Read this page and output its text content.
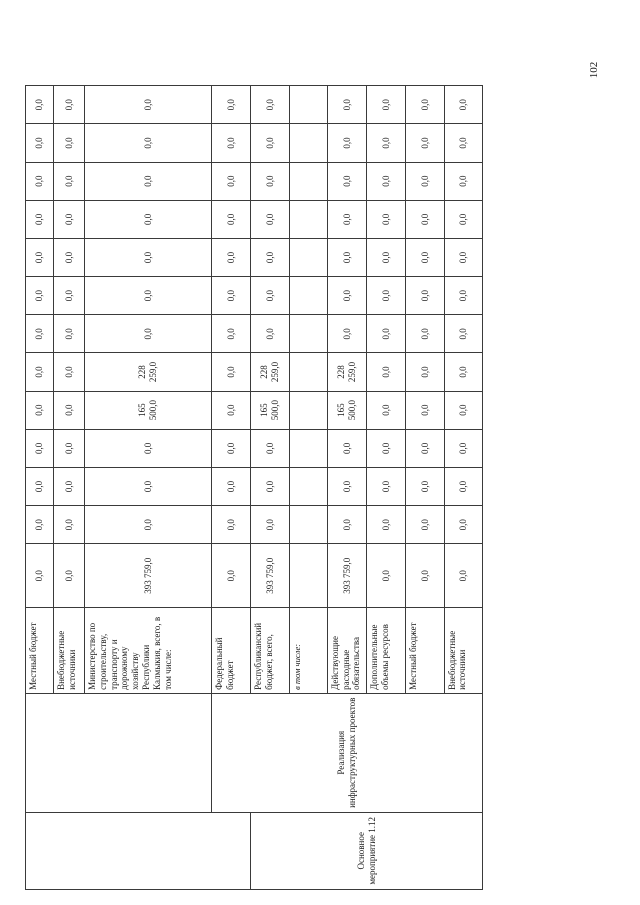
102
		Местный бюджет	0,0	0,0	0,0	0,0	0,0	0,0	0,0	0,0	0,0	0,0	0,0	0,0	0,0
		Внебюджетные источники	0,0	0,0	0,0	0,0	0,0	0,0	0,0	0,0	0,0	0,0	0,0	0,0	0,0
		Министерство по строительству, транспорту и дорожному хозяйству Республики Калмыкия, всего, в том числе:	393 759,0	0,0	0,0	0,0	165
500,0	228
259,0	0,0	0,0	0,0	0,0	0,0	0,0	0,0
	Реализация инфраструктурных проектов	Федеральный бюджет	0,0	0,0	0,0	0,0	0,0	0,0	0,0	0,0	0,0	0,0	0,0	0,0	0,0
Основное мероприятие 1.12		Республиканский бюджет, всего,	393 759,0	0,0	0,0	0,0	165
500,0	228
259,0	0,0	0,0	0,0	0,0	0,0	0,0	0,0
		в том числе:													
		Действующие расходные обязательства	393 759,0	0,0	0,0	0,0	165
500,0	228
259,0	0,0	0,0	0,0	0,0	0,0	0,0	0,0
		Дополнительные объемы ресурсов	0,0	0,0	0,0	0,0	0,0	0,0	0,0	0,0	0,0	0,0	0,0	0,0	0,0
		Местный бюджет	0,0	0,0	0,0	0,0	0,0	0,0	0,0	0,0	0,0	0,0	0,0	0,0	0,0
		Внебюджетные источники	0,0	0,0	0,0	0,0	0,0	0,0	0,0	0,0	0,0	0,0	0,0	0,0	0,0
